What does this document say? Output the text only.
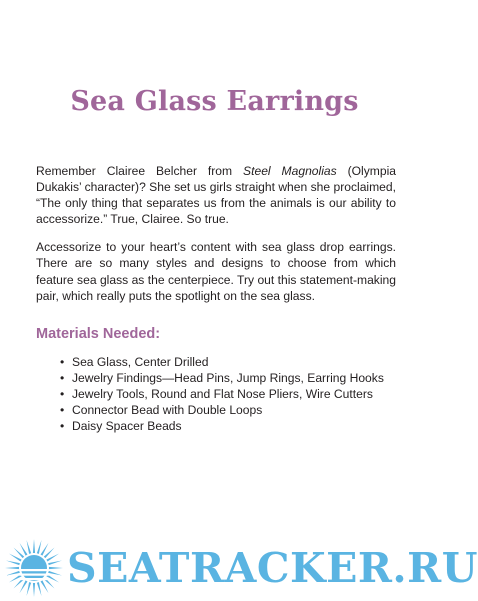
Sea Glass Earrings

Remember Clairee Belcher from Steel Magnolias (Olympia Dukakis’ character)? She set us girls straight when she proclaimed, “The only thing that separates us from the animals is our ability to accessorize.” True, Clairee. So true.

Accessorize to your heart’s content with sea glass drop earrings. There are so many styles and designs to choose from which feature sea glass as the centerpiece. Try out this statement-making pair, which really puts the spotlight on the sea glass.

Materials Needed:
• Sea Glass, Center Drilled
• Jewelry Findings—Head Pins, Jump Rings, Earring Hooks
• Jewelry Tools, Round and Flat Nose Pliers, Wire Cutters
• Connector Bead with Double Loops
• Daisy Spacer Beads
SEATRACKER.RU
